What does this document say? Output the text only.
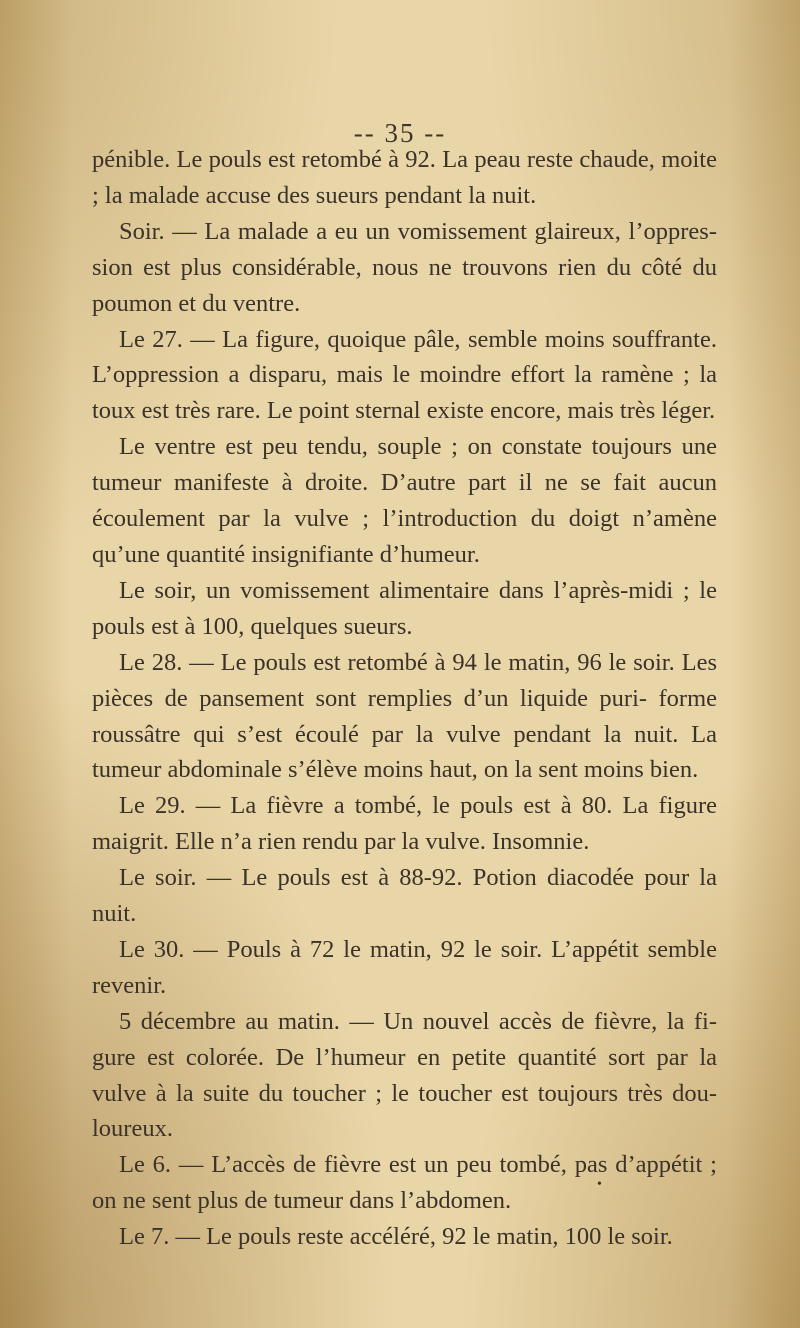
-- 35 --

pénible. Le pouls est retombé à 92. La peau reste chaude, moite ; la malade accuse des sueurs pendant la nuit.

Soir. — La malade a eu un vomissement glaireux, l’oppres- sion est plus considérable, nous ne trouvons rien du côté du poumon et du ventre.

Le 27. — La figure, quoique pâle, semble moins souffrante. L’oppression a disparu, mais le moindre effort la ramène ; la toux est très rare. Le point sternal existe encore, mais très léger.

Le ventre est peu tendu, souple ; on constate toujours une tumeur manifeste à droite. D’autre part il ne se fait aucun écoulement par la vulve ; l’introduction du doigt n’amène qu’une quantité insignifiante d’humeur.

Le soir, un vomissement alimentaire dans l’après-midi ; le pouls est à 100, quelques sueurs.

Le 28. — Le pouls est retombé à 94 le matin, 96 le soir. Les pièces de pansement sont remplies d’un liquide puri- forme roussâtre qui s’est écoulé par la vulve pendant la nuit. La tumeur abdominale s’élève moins haut, on la sent moins bien.

Le 29. — La fièvre a tombé, le pouls est à 80. La figure maigrit. Elle n’a rien rendu par la vulve. Insomnie.

Le soir. — Le pouls est à 88-92. Potion diacodée pour la nuit.

Le 30. — Pouls à 72 le matin, 92 le soir. L’appétit semble revenir.

5 décembre au matin. — Un nouvel accès de fièvre, la fi- gure est colorée. De l’humeur en petite quantité sort par la vulve à la suite du toucher ; le toucher est toujours très dou- loureux.

Le 6. — L’accès de fièvre est un peu tombé, pas d’appétit ; on ne sent plus de tumeur dans l’abdomen.

Le 7. — Le pouls reste accéléré, 92 le matin, 100 le soir.

•
